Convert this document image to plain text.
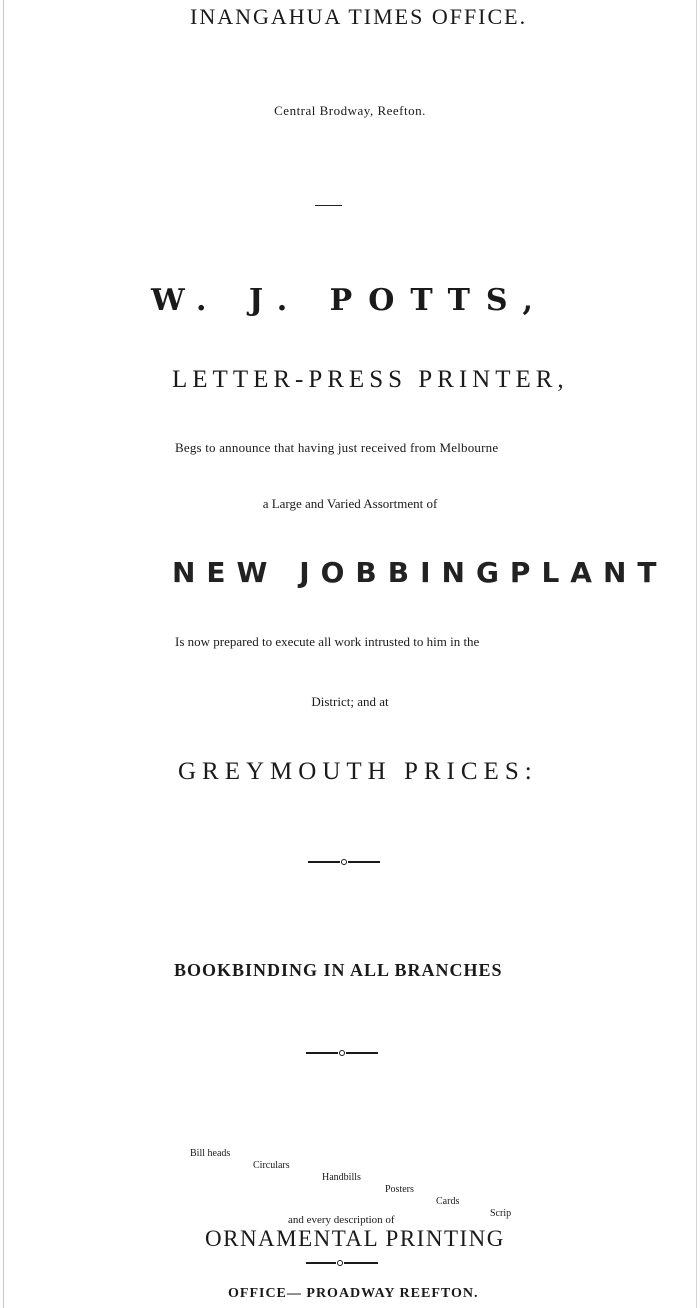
INANGAHUA TIMES OFFICE.
Central Brodway, Reefton.
W. J. POTTS,
LETTER-PRESS PRINTER,
Begs to announce that having just received from Melbourne
a Large and Varied Assortment of
NEW JOBBINGPLANT
Is now prepared to execute all work intrusted to him in the
District; and at
GREYMOUTH PRICES:
BOOKBINDING IN ALL BRANCHES
Bill heads
Circulars
Handbills
Posters
Cards
Scrip
and every description of
ORNAMENTAL PRINTING
OFFICE— PROADWAY REEFTON.
